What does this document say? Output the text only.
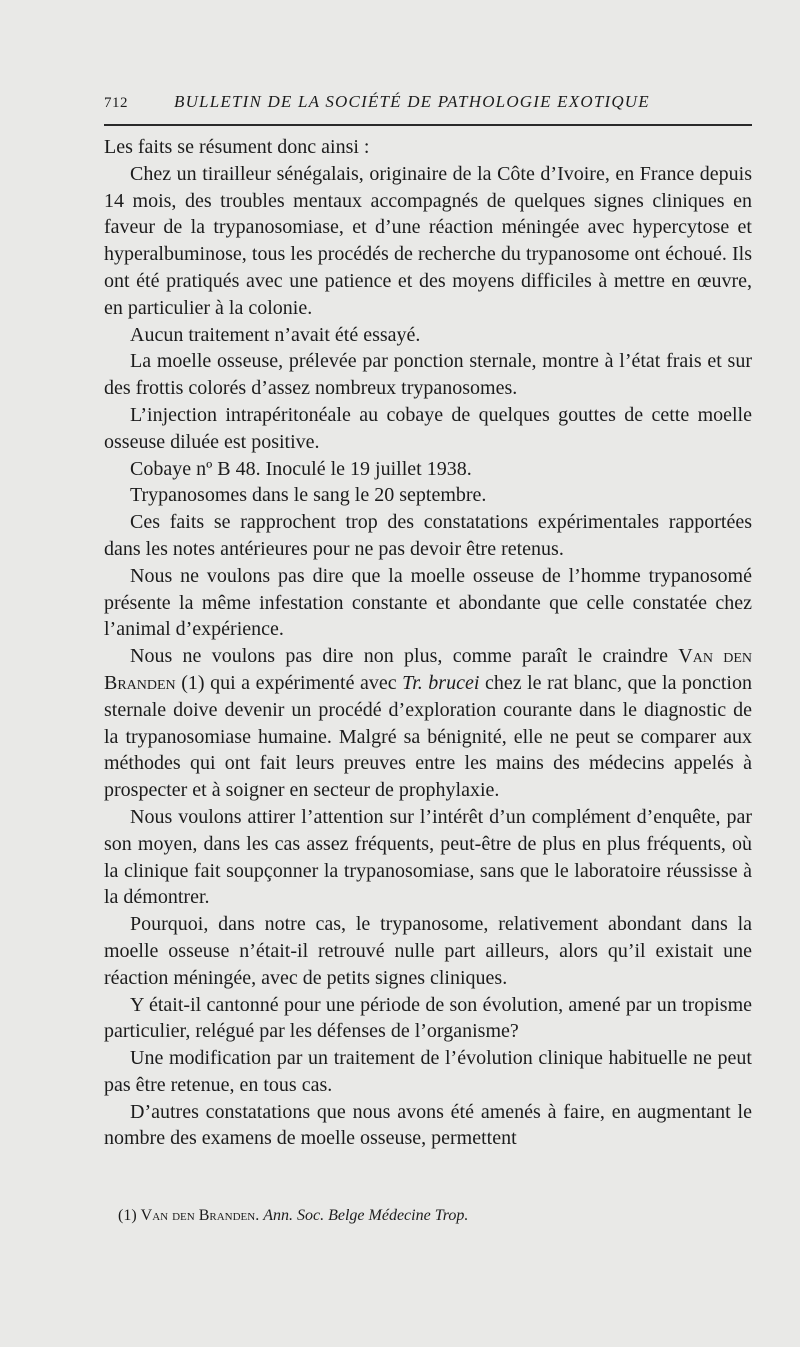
712	BULLETIN DE LA SOCIÉTÉ DE PATHOLOGIE EXOTIQUE

Les faits se résument donc ainsi :

Chez un tirailleur sénégalais, originaire de la Côte d’Ivoire, en France depuis 14 mois, des troubles mentaux accompagnés de quelques signes cliniques en faveur de la trypanosomiase, et d’une réaction méningée avec hypercytose et hyperalbuminose, tous les procédés de recherche du trypanosome ont échoué. Ils ont été pratiqués avec une patience et des moyens difficiles à mettre en œuvre, en particulier à la colonie.

Aucun traitement n’avait été essayé.

La moelle osseuse, prélevée par ponction sternale, montre à l’état frais et sur des frottis colorés d’assez nombreux trypanosomes.

L’injection intrapéritonéale au cobaye de quelques gouttes de cette moelle osseuse diluée est positive.

Cobaye nº B 48. Inoculé le 19 juillet 1938.

Trypanosomes dans le sang le 20 septembre.

Ces faits se rapprochent trop des constatations expérimentales rapportées dans les notes antérieures pour ne pas devoir être retenus.

Nous ne voulons pas dire que la moelle osseuse de l’homme trypanosomé présente la même infestation constante et abondante que celle constatée chez l’animal d’expérience.

Nous ne voulons pas dire non plus, comme paraît le craindre Van den Branden (1) qui a expérimenté avec Tr. brucei chez le rat blanc, que la ponction sternale doive devenir un procédé d’exploration courante dans le diagnostic de la trypanosomiase humaine. Malgré sa bénignité, elle ne peut se comparer aux méthodes qui ont fait leurs preuves entre les mains des médecins appelés à prospecter et à soigner en secteur de prophylaxie.

Nous voulons attirer l’attention sur l’intérêt d’un complément d’enquête, par son moyen, dans les cas assez fréquents, peut-être de plus en plus fréquents, où la clinique fait soupçonner la trypanosomiase, sans que le laboratoire réussisse à la démontrer.

Pourquoi, dans notre cas, le trypanosome, relativement abondant dans la moelle osseuse n’était-il retrouvé nulle part ailleurs, alors qu’il existait une réaction méningée, avec de petits signes cliniques.

Y était-il cantonné pour une période de son évolution, amené par un tropisme particulier, relégué par les défenses de l’organisme?

Une modification par un traitement de l’évolution clinique habituelle ne peut pas être retenue, en tous cas.

D’autres constatations que nous avons été amenés à faire, en augmentant le nombre des examens de moelle osseuse, permettent

(1) Van den Branden. Ann. Soc. Belge Médecine Trop.
